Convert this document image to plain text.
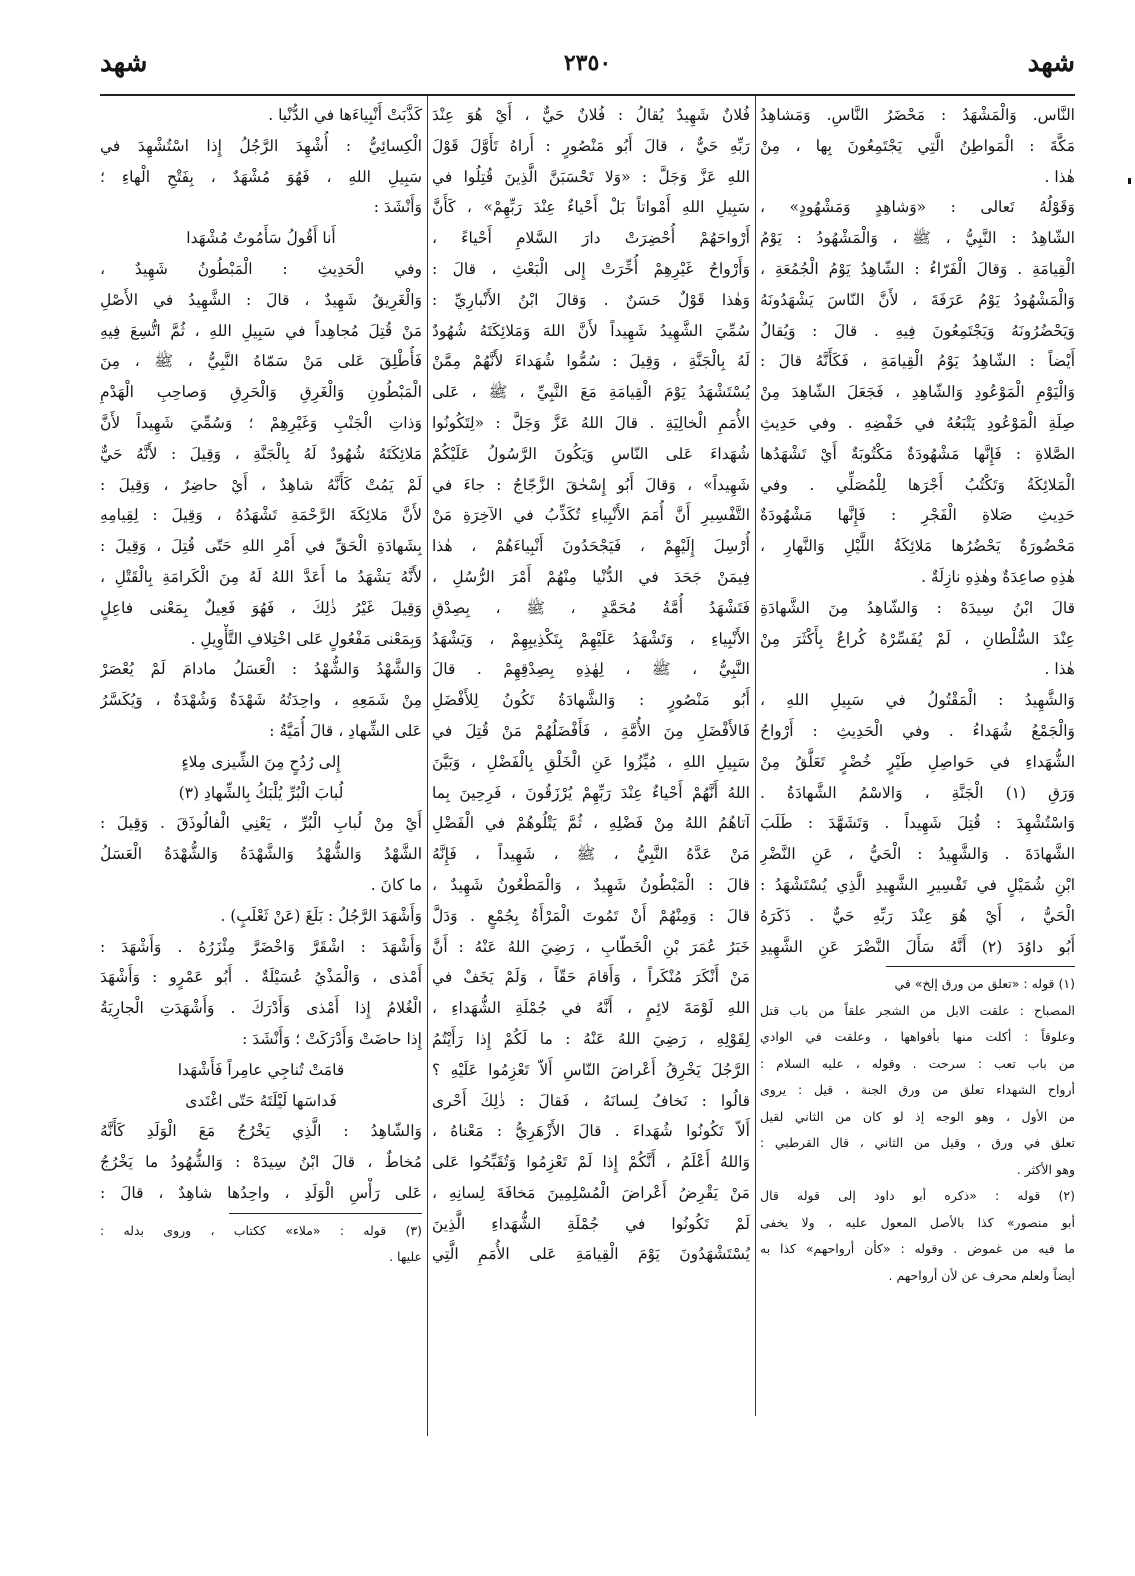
شهد
٢٣٥٠
شهد
النَّاس. وَالْمَشْهَدُ : مَحْضَرُ النَّاسِ. وَمَشاهِدُ
مَكَّةَ : الْمَواطِنُ الَّتِي يَجْتَمِعُونَ بِها ، مِنْ
هٰذا .
وَقَوْلُهُ تَعالى : «وَشاهِدٍ وَمَشْهُودٍ» ،
الشّاهِدُ : النَّبِيُّ ، ﷺ ، وَالْمَشْهُودُ : يَوْمُ
الْقِيامَةِ . وَقالَ الْفَرّاءُ : الشّاهِدُ يَوْمُ الْجُمُعَةِ ،
وَالْمَشْهُودُ يَوْمُ عَرَفَةَ ، لأَنَّ النّاسَ يَشْهَدُونَهُ
وَيَحْضُرُونَهُ وَيَجْتَمِعُونَ فِيهِ . قالَ : وَيُقالُ
أَيْضاً : الشّاهِدُ يَوْمُ الْقِيامَةِ ، فَكَأَنَّهُ قالَ :
وَالْيَوْمِ الْمَوْعُودِ وَالشّاهِدِ ، فَجَعَلَ الشّاهِدَ مِنْ
صِلَةِ الْمَوْعُودِ يَتْبَعُهُ في خَفْضِهِ . وفي حَدِيثِ
الصَّلاةِ : فَإِنَّها مَشْهُودَةٌ مَكْتُوبَةٌ أَيْ تَشْهَدُها
الْمَلائِكَةُ وَتَكْتُبُ أَجْرَها لِلْمُصَلِّي . وفي
حَدِيثِ صَلاةِ الْفَجْرِ : فَإِنَّها مَشْهُودَةٌ
مَحْضُورَةٌ يَحْضُرُها مَلائِكَةُ اللَّيْلِ وَالنَّهارِ ،
هٰذِهِ صاعِدَةٌ وهٰذِهِ نازِلَةٌ .
قالَ ابْنُ سِيدَهْ : وَالشّاهِدُ مِنَ الشَّهادَةِ
عِنْدَ السُّلْطانِ ، لَمْ يُفَسِّرْهُ كُراعٌ بِأَكْثَرَ مِنْ
هٰذا .
وَالشَّهِيدُ : الْمَقْتُولُ في سَبِيلِ اللهِ ،
وَالْجَمْعُ شُهَداءُ . وفي الْحَدِيثِ : أَرْواحُ
الشُّهَداءِ في حَواصِلِ طَيْرٍ خُضْرٍ تَعَلَّقُ مِنْ
وَرَقِ (١) الْجَنَّةِ ، وَالاسْمُ الشَّهادَةُ .
وَاسْتُشْهِدَ : قُتِلَ شَهِيداً . وَتَشَهَّدَ : طَلَبَ
الشَّهادَةَ . وَالشَّهِيدُ : الْحَيُّ ، عَنِ النَّضْرِ
ابْنِ شُمَيْلٍ في تَفْسِيرِ الشَّهِيدِ الَّذِي يُسْتَشْهَدُ :
الْحَيُّ ، أَيْ هُوَ عِنْدَ رَبِّهِ حَيٌّ . ذَكَرَهُ
أَبُو داوُدَ (٢) أَنَّهُ سَأَلَ النَّضْرَ عَنِ الشَّهِيدِ
(١) قوله : «تعلق من ورق إلخ» في
المصباح : علقت الابل من الشجر علقاً من باب قتل
وعلوقاً : أكلت منها بأفواهها ، وعلقت في الوادي
من باب تعب : سرحت . وقوله ، عليه السلام :
أرواح الشهداء تعلق من ورق الجنة ، قيل : يروى
من الأول ، وهو الوجه إذ لو كان من الثاني لقيل
تعلق في ورق ، وقيل من الثاني ، قال القرطبي :
وهو الأكثر .
(٢) قوله : «ذكره أبو داود إلى قوله قال
أبو منصور» كذا بالأصل المعول عليه ، ولا يخفى
ما فيه من غموض . وقوله : «كأن أرواحهم» كذا به
أيضاً ولعلم محرف عن لأن أرواحهم .
فُلانٌ شَهِيدٌ يُقالُ : فُلانٌ حَيٌّ ، أَيْ هُوَ عِنْدَ
رَبِّهِ حَيٌّ ، قالَ أَبُو مَنْصُورٍ : أَراهُ تَأَوَّلَ قَوْلَ
اللهِ عَزَّ وَجَلَّ : «وَلا تَحْسَبَنَّ الَّذِينَ قُتِلُوا في
سَبِيلِ اللهِ أَمْواتاً بَلْ أَحْياءٌ عِنْدَ رَبِّهِمْ» ، كَأَنَّ
أَرْواحَهُمْ أُحْضِرَتْ دارَ السَّلامِ أَحْياءً ،
وَأَرْواحُ غَيْرِهِمْ أُخِّرَتْ إِلى الْبَعْثِ ، قالَ :
وَهٰذا قَوْلٌ حَسَنٌ . وَقالَ ابْنُ الأَنْبارِيِّ :
سُمِّيَ الشَّهِيدُ شَهِيداً لأَنَّ اللهَ وَمَلائِكَتَهُ شُهُودٌ
لَهُ بِالْجَنَّةِ ، وَقِيلَ : سُمُّوا شُهَداءَ لأَنَّهُمْ مِمَّنْ
يُسْتَشْهَدُ يَوْمَ الْقِيامَةِ مَعَ النَّبِيِّ ، ﷺ ، عَلى
الأُمَمِ الْخالِيَةِ . قالَ اللهُ عَزَّ وَجَلَّ : «لِتَكُونُوا
شُهَداءَ عَلى النّاسِ وَيَكُونَ الرَّسُولُ عَلَيْكُمْ
شَهِيداً» ، وَقالَ أَبُو إِسْحٰقَ الزَّجّاجُ : جاءَ في
التَّفْسِيرِ أَنَّ أُمَمَ الأَنْبِياءِ تُكَذِّبُ في الآخِرَةِ مَنْ
أُرْسِلَ إِلَيْهِمْ ، فَيَجْحَدُونَ أَنْبِياءَهُمْ ، هٰذا
فِيمَنْ جَحَدَ في الدُّنْيا مِنْهُمْ أَمْرَ الرُّسُلِ ،
فَتَشْهَدُ أُمَّةُ مُحَمَّدٍ ، ﷺ ، بِصِدْقِ
الأَنْبِياءِ ، وَتَشْهَدُ عَلَيْهِمْ بِتَكْذِيبِهِمْ ، وَيَشْهَدُ
النَّبِيُّ ، ﷺ ، لِهٰذِهِ بِصِدْقِهِمْ . قالَ
أَبُو مَنْصُورٍ : وَالشَّهادَةُ تَكُونُ لِلأَفْضَلِ
فَالأَفْضَلِ مِنَ الأُمَّةِ ، فَأَفْضَلُهُمْ مَنْ قُتِلَ في
سَبِيلِ اللهِ ، مُيِّزُوا عَنِ الْخَلْقِ بِالْفَضْلِ ، وَبَيَّنَ
اللهُ أَنَّهُمْ أَحْياءٌ عِنْدَ رَبِّهِمْ يُرْزَقُونَ ، فَرِحِينَ بِما
آتاهُمُ اللهُ مِنْ فَضْلِهِ ، ثُمَّ يَتْلُوهُمْ في الْفَضْلِ
مَنْ عَدَّهُ النَّبِيُّ ، ﷺ ، شَهِيداً ، فَإِنَّهُ
قالَ : الْمَبْطُونُ شَهِيدٌ ، وَالْمَطْعُونُ شَهِيدٌ ،
قالَ : وَمِنْهُمْ أَنْ تَمُوتَ الْمَرْأَةُ بِجُمْعٍ . وَدَلَّ
خَبَرُ عُمَرَ بْنِ الْخَطّابِ ، رَضِيَ اللهُ عَنْهُ : أَنَّ
مَنْ أَنْكَرَ مُنْكَراً ، وَأَقامَ حَقّاً ، وَلَمْ يَخَفْ في
اللهِ لَوْمَةَ لائِمٍ ، أَنَّهُ في جُمْلَةِ الشُّهَداءِ ،
لِقَوْلِهِ ، رَضِيَ اللهُ عَنْهُ : ما لَكُمْ إِذا رَأَيْتُمُ
الرَّجُلَ يَخْرِقُ أَعْراضَ النّاسِ أَلاّ تَعْزِمُوا عَلَيْهِ ؟
قالُوا : نَخافُ لِسانَهُ ، فَقالَ : ذٰلِكَ أَحْرى
أَلاّ تَكُونُوا شُهَداءَ . قالَ الأَزْهَرِيُّ : مَعْناهُ ،
وَاللهُ أَعْلَمُ ، أَنَّكُمْ إِذا لَمْ تَعْزِمُوا وَتُقَبِّحُوا عَلى
مَنْ يَقْرِضُ أَعْراضَ الْمُسْلِمِينَ مَخافَةَ لِسانِهِ ،
لَمْ تَكُونُوا في جُمْلَةِ الشُّهَداءِ الَّذِينَ
يُسْتَشْهَدُونَ يَوْمَ الْقِيامَةِ عَلى الأُمَمِ الَّتِي
كَذَّبَتْ أَنْبِياءَها في الدُّنْيا .
الْكِسائِيُّ : أُشْهِدَ الرَّجُلُ إِذا اسْتُشْهِدَ في
سَبِيلِ اللهِ ، فَهُوَ مُشْهَدٌ ، بِفَتْحِ الْهاءِ ؛
وَأَنْشَدَ :
أَنا أَقُولُ سَأَمُوتُ مُشْهَدا
وفي الْحَدِيثِ : الْمَبْطُونُ شَهِيدٌ ،
وَالْغَرِيقُ شَهِيدٌ ، قالَ : الشَّهِيدُ في الأَصْلِ
مَنْ قُتِلَ مُجاهِداً في سَبِيلِ اللهِ ، ثُمَّ اتُّسِعَ فِيهِ
فَأُطْلِقَ عَلى مَنْ سَمّاهُ النَّبِيُّ ، ﷺ ، مِنَ
الْمَبْطُونِ وَالْغَرِقِ وَالْحَرِقِ وَصاحِبِ الْهَدْمِ
وَذاتِ الْجَنْبِ وَغَيْرِهِمْ ؛ وَسُمِّيَ شَهِيداً لأَنَّ
مَلائِكَتَهُ شُهُودٌ لَهُ بِالْجَنَّةِ ، وَقِيلَ : لأَنَّهُ حَيٌّ
لَمْ يَمُتْ كَأَنَّهُ شاهِدٌ ، أَيْ حاضِرٌ ، وَقِيلَ :
لأَنَّ مَلائِكَةَ الرَّحْمَةِ تَشْهَدُهُ ، وَقِيلَ : لِقِيامِهِ
بِشَهادَةِ الْحَقِّ في أَمْرِ اللهِ حَتّى قُتِلَ ، وَقِيلَ :
لأَنَّهُ يَشْهَدُ ما أَعَدَّ اللهُ لَهُ مِنَ الْكَرامَةِ بِالْقَتْلِ ،
وَقِيلَ غَيْرُ ذٰلِكَ ، فَهُوَ فَعِيلٌ بِمَعْنى فاعِلٍ
وَبِمَعْنى مَفْعُولٍ عَلى اخْتِلافِ التَّأْوِيلِ .
وَالشَّهْدُ وَالشُّهْدُ : الْعَسَلُ مادامَ لَمْ يُعْصَرْ
مِنْ شَمَعِهِ ، واحِدَتُهُ شَهْدَةٌ وَشُهْدَةٌ ، وَيُكَسَّرُ
عَلى الشِّهادِ ، قالَ أُمَيَّةُ :
إِلى رُدُحٍ مِنَ الشِّيزى مِلاءٍ
لُبابَ الْبُرِّ يُلْبَكُ بِالشِّهادِ (٣)
أَيْ مِنْ لُبابِ الْبُرِّ ، يَعْنِي الْفالُوذَقَ . وَقِيلَ :
الشَّهْدُ وَالشُّهْدُ وَالشَّهْدَةُ وَالشُّهْدَةُ الْعَسَلُ
ما كانَ .
وَأَشْهَدَ الرَّجُلُ : بَلَغَ (عَنْ ثَعْلَبٍ) .
وَأَشْهَدَ : اشْقَرَّ وَاخْضَرَّ مِئْزَرُهُ . وَأَشْهَدَ :
أَمْذى ، وَالْمَذْيُ عُسَيْلَةٌ . أَبُو عَمْرٍو : وَأَشْهَدَ
الْغُلامُ إِذا أَمْذى وَأَدْرَكَ . وَأَشْهَدَتِ الْجارِيَةُ
إِذا حاضَتْ وَأَدْرَكَتْ ؛ وَأَنْشَدَ :
قامَتْ تُناجِي عامِراً فَأَشْهَدا
فَداسَها لَيْلَتَهُ حَتّى اغْتَدى
وَالشّاهِدُ : الَّذِي يَخْرُجُ مَعَ الْوَلَدِ كَأَنَّهُ
مُخاطٌ ، قالَ ابْنُ سِيدَهْ : وَالشُّهُودُ ما يَخْرُجُ
عَلى رَأْسِ الْوَلَدِ ، واحِدُها شاهِدٌ ، قالَ :
(٣) قوله : «ملاء» ككتاب ، وروى بدله :
عليها .
